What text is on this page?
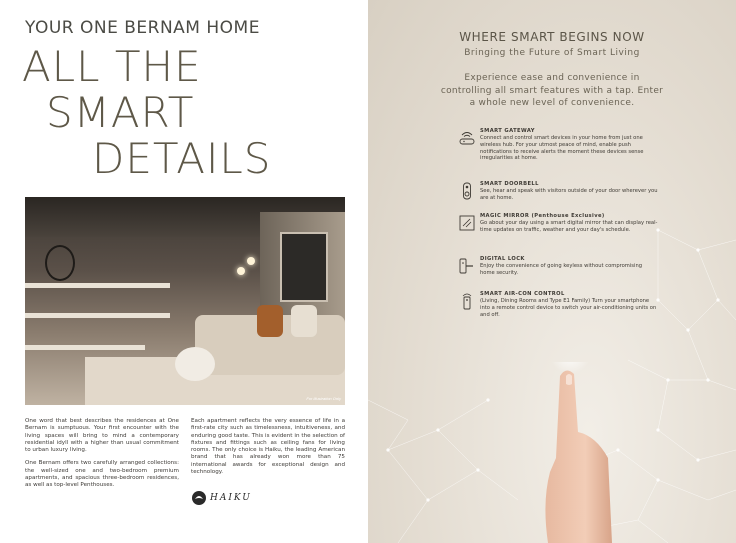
YOUR ONE BERNAM HOME
ALL THE
SMART
DETAILS
For Illustration Only

One word that best describes the residences at One Bernam is sumptuous. Your first encounter with the living spaces will bring to mind a contemporary residential idyll with a higher than usual commitment to urban luxury living.

One Bernam offers two carefully arranged collections: the well-sized one and two-bedroom premium apartments, and spacious three-bedroom residences, as well as top-level Penthouses.

Each apartment reflects the very essence of life in a first-rate city such as timelessness, intuitiveness, and enduring good taste. This is evident in the selection of fixtures and fittings such as ceiling fans for living rooms. The only choice is Haiku, the leading American brand that has already won more than 75 international awards for exceptional design and technology.

HAIKU
WHERE SMART BEGINS NOW
Bringing the Future of Smart Living
Experience ease and convenience in controlling all smart features with a tap. Enter a whole new level of convenience.
SMART GATEWAY
Connect and control smart devices in your home from just one wireless hub. For your utmost peace of mind, enable push notifications to receive alerts the moment these devices sense irregularities at home.
SMART DOORBELL
See, hear and speak with visitors outside of your door wherever you are at home.
MAGIC MIRROR (Penthouse Exclusive)
Go about your day using a smart digital mirror that can display real-time updates on traffic, weather and your day's schedule.
DIGITAL LOCK
Enjoy the convenience of going keyless without compromising home security.
SMART AIR-CON CONTROL
(Living, Dining Rooms and Type E1 Family) Turn your smartphone into a remote control device to switch your air-conditioning units on and off.
